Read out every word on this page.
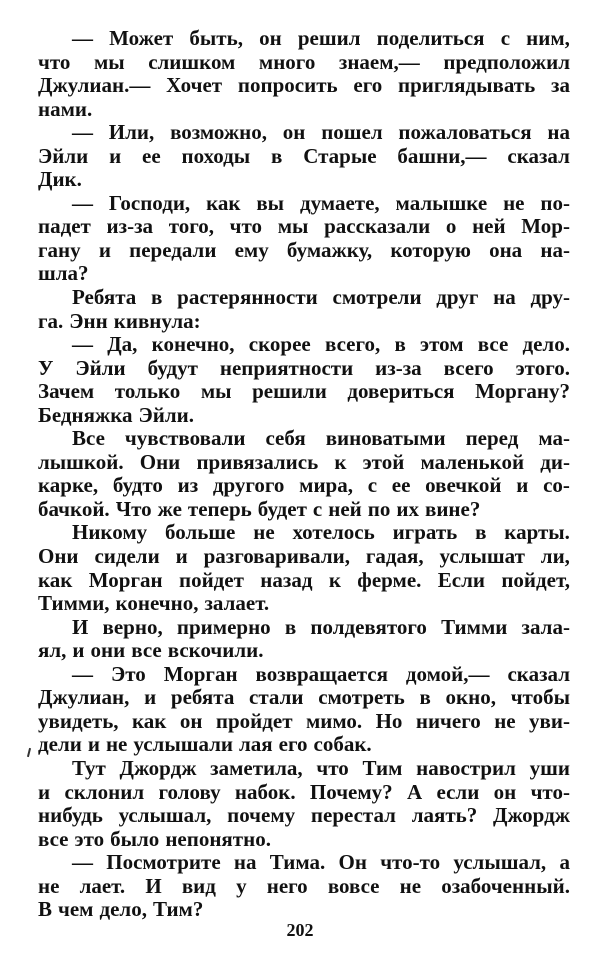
— Может быть, он решил поделиться с ним,
что мы слишком много знаем,— предположил
Джулиан.— Хочет попросить его приглядывать за
нами.
— Или, возможно, он пошел пожаловаться на
Эйли и ее походы в Старые башни,— сказал
Дик.
— Господи, как вы думаете, малышке не по-
падет из-за того, что мы рассказали о ней Мор-
гану и передали ему бумажку, которую она на-
шла?
Ребята в растерянности смотрели друг на дру-
га. Энн кивнула:
— Да, конечно, скорее всего, в этом все дело.
У Эйли будут неприятности из-за всего этого.
Зачем только мы решили довериться Моргану?
Бедняжка Эйли.
Все чувствовали себя виноватыми перед ма-
лышкой. Они привязались к этой маленькой ди-
карке, будто из другого мира, с ее овечкой и со-
бачкой. Что же теперь будет с ней по их вине?
Никому больше не хотелось играть в карты.
Они сидели и разговаривали, гадая, услышат ли,
как Морган пойдет назад к ферме. Если пойдет,
Тимми, конечно, залает.
И верно, примерно в полдевятого Тимми зала-
ял, и они все вскочили.
— Это Морган возвращается домой,— сказал
Джулиан, и ребята стали смотреть в окно, чтобы
увидеть, как он пройдет мимо. Но ничего не уви-
дели и не услышали лая его собак.
Тут Джордж заметила, что Тим навострил уши
и склонил голову набок. Почему? А если он что-
нибудь услышал, почему перестал лаять? Джордж
все это было непонятно.
— Посмотрите на Тима. Он что-то услышал, а
не лает. И вид у него вовсе не озабоченный.
В чем дело, Тим?
202
